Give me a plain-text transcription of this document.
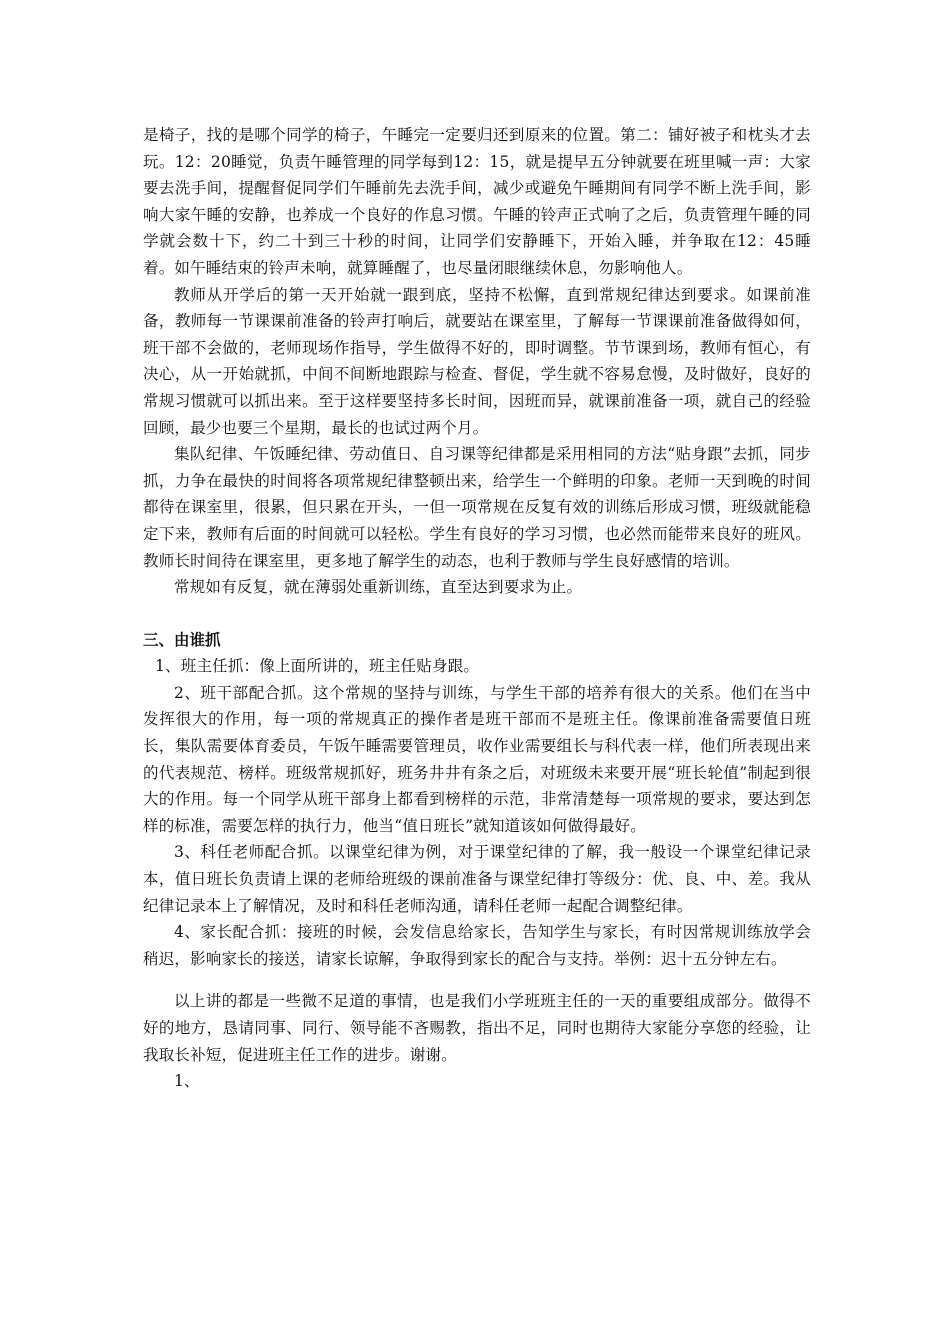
是椅子，找的是哪个同学的椅子，午睡完一定要归还到原来的位置。第二：铺好被子和枕头才去玩。12：20睡觉，负责午睡管理的同学每到12：15，就是提早五分钟就要在班里喊一声：大家要去洗手间，提醒督促同学们午睡前先去洗手间，减少或避免午睡期间有同学不断上洗手间，影响大家午睡的安静，也养成一个良好的作息习惯。午睡的铃声正式响了之后，负责管理午睡的同学就会数十下，约二十到三十秒的时间，让同学们安静睡下，开始入睡，并争取在12：45睡着。如午睡结束的铃声未响，就算睡醒了，也尽量闭眼继续休息，勿影响他人。

教师从开学后的第一天开始就一跟到底，坚持不松懈，直到常规纪律达到要求。如课前准备，教师每一节课课前准备的铃声打响后，就要站在课室里，了解每一节课课前准备做得如何，班干部不会做的，老师现场作指导，学生做得不好的，即时调整。节节课到场，教师有恒心，有决心，从一开始就抓，中间不间断地跟踪与检查、督促，学生就不容易怠慢，及时做好，良好的常规习惯就可以抓出来。至于这样要坚持多长时间，因班而异，就课前准备一项，就自己的经验回顾，最少也要三个星期，最长的也试过两个月。

集队纪律、午饭睡纪律、劳动值日、自习课等纪律都是采用相同的方法“贴身跟”去抓，同步抓，力争在最快的时间将各项常规纪律整顿出来，给学生一个鲜明的印象。老师一天到晚的时间都待在课室里，很累，但只累在开头，一但一项常规在反复有效的训练后形成习惯，班级就能稳定下来，教师有后面的时间就可以轻松。学生有良好的学习习惯，也必然而能带来良好的班风。教师长时间待在课室里，更多地了解学生的动态，也利于教师与学生良好感情的培训。

常规如有反复，就在薄弱处重新训练，直至达到要求为止。

三、由谁抓

1、班主任抓：像上面所讲的，班主任贴身跟。

2、班干部配合抓。这个常规的坚持与训练，与学生干部的培养有很大的关系。他们在当中发挥很大的作用，每一项的常规真正的操作者是班干部而不是班主任。像课前准备需要值日班长，集队需要体育委员，午饭午睡需要管理员，收作业需要组长与科代表一样，他们所表现出来的代表规范、榜样。班级常规抓好，班务井井有条之后，对班级未来要开展“班长轮值”制起到很大的作用。每一个同学从班干部身上都看到榜样的示范，非常清楚每一项常规的要求，要达到怎样的标准，需要怎样的执行力，他当“值日班长”就知道该如何做得最好。

3、科任老师配合抓。以课堂纪律为例，对于课堂纪律的了解，我一般设一个课堂纪律记录本，值日班长负责请上课的老师给班级的课前准备与课堂纪律打等级分：优、良、中、差。我从纪律记录本上了解情况，及时和科任老师沟通，请科任老师一起配合调整纪律。

4、家长配合抓：接班的时候，会发信息给家长，告知学生与家长，有时因常规训练放学会稍迟，影响家长的接送，请家长谅解，争取得到家长的配合与支持。举例：迟十五分钟左右。

以上讲的都是一些微不足道的事情，也是我们小学班班主任的一天的重要组成部分。做得不好的地方，恳请同事、同行、领导能不吝赐教，指出不足，同时也期待大家能分享您的经验，让我取长补短，促进班主任工作的进步。谢谢。

1、
